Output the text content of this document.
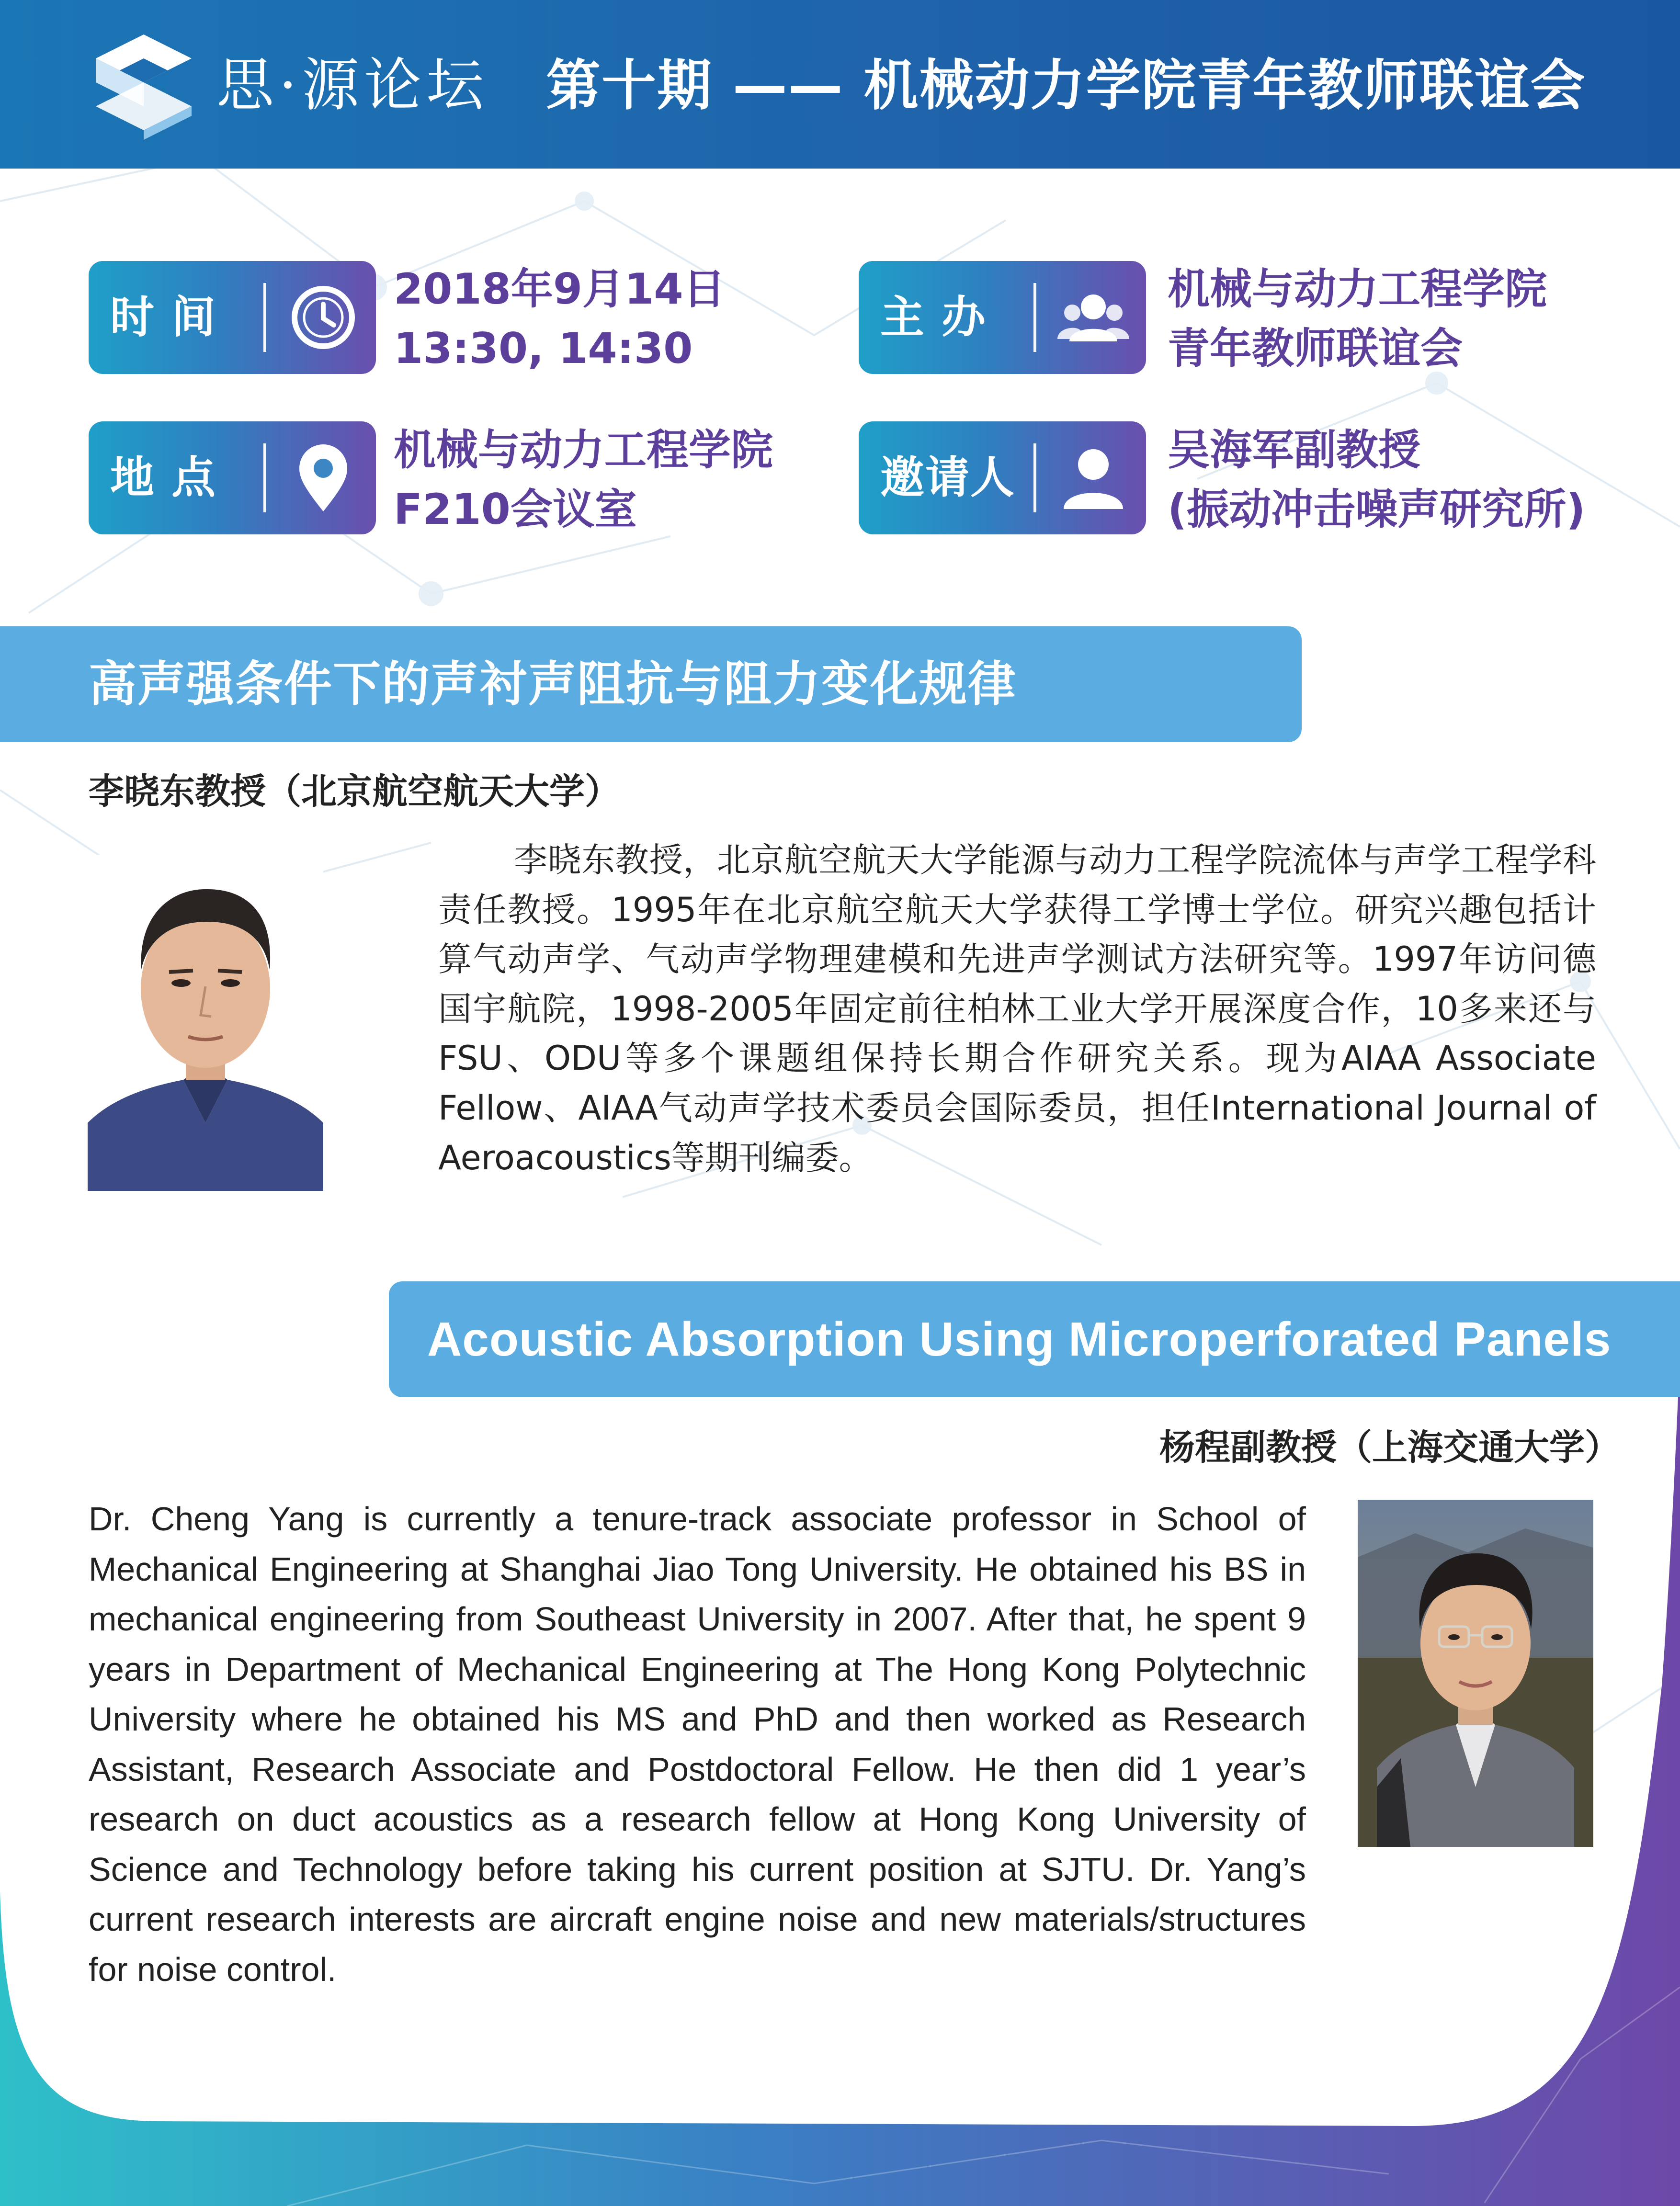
思·源论坛 第十期 —— 机械动力学院青年教师联谊会
时 间
2018年9月14日
13:30, 14:30
主 办
机械与动力工程学院
青年教师联谊会
地 点
机械与动力工程学院
F210会议室
邀请人
吴海军副教授
(振动冲击噪声研究所)
高声强条件下的声衬声阻抗与阻力变化规律
李晓东教授（北京航空航天大学）
李晓东教授，北京航空航天大学能源与动力工程学院流体与声学工程学科责任教授。1995年在北京航空航天大学获得工学博士学位。研究兴趣包括计算气动声学、气动声学物理建模和先进声学测试方法研究等。1997年访问德国宇航院，1998-2005年固定前往柏林工业大学开展深度合作，10多来还与FSU、ODU等多个课题组保持长期合作研究关系。现为AIAA Associate Fellow、AIAA气动声学技术委员会国际委员，担任International Journal of Aeroacoustics等期刊编委。
Acoustic Absorption Using Microperforated Panels
杨程副教授（上海交通大学）
Dr. Cheng Yang is currently a tenure-track associate professor in School of Mechanical Engineering at Shanghai Jiao Tong University. He obtained his BS in mechanical engineering from Southeast University in 2007. After that, he spent 9 years in Department of Mechanical Engineering at The Hong Kong Polytechnic University where he obtained his MS and PhD and then worked as Research Assistant, Research Associate and Postdoctoral Fellow. He then did 1 year’s research on duct acoustics as a research fellow at Hong Kong University of Science and Technology before taking his current position at SJTU. Dr. Yang’s current research interests are aircraft engine noise and new materials/structures for noise control.
